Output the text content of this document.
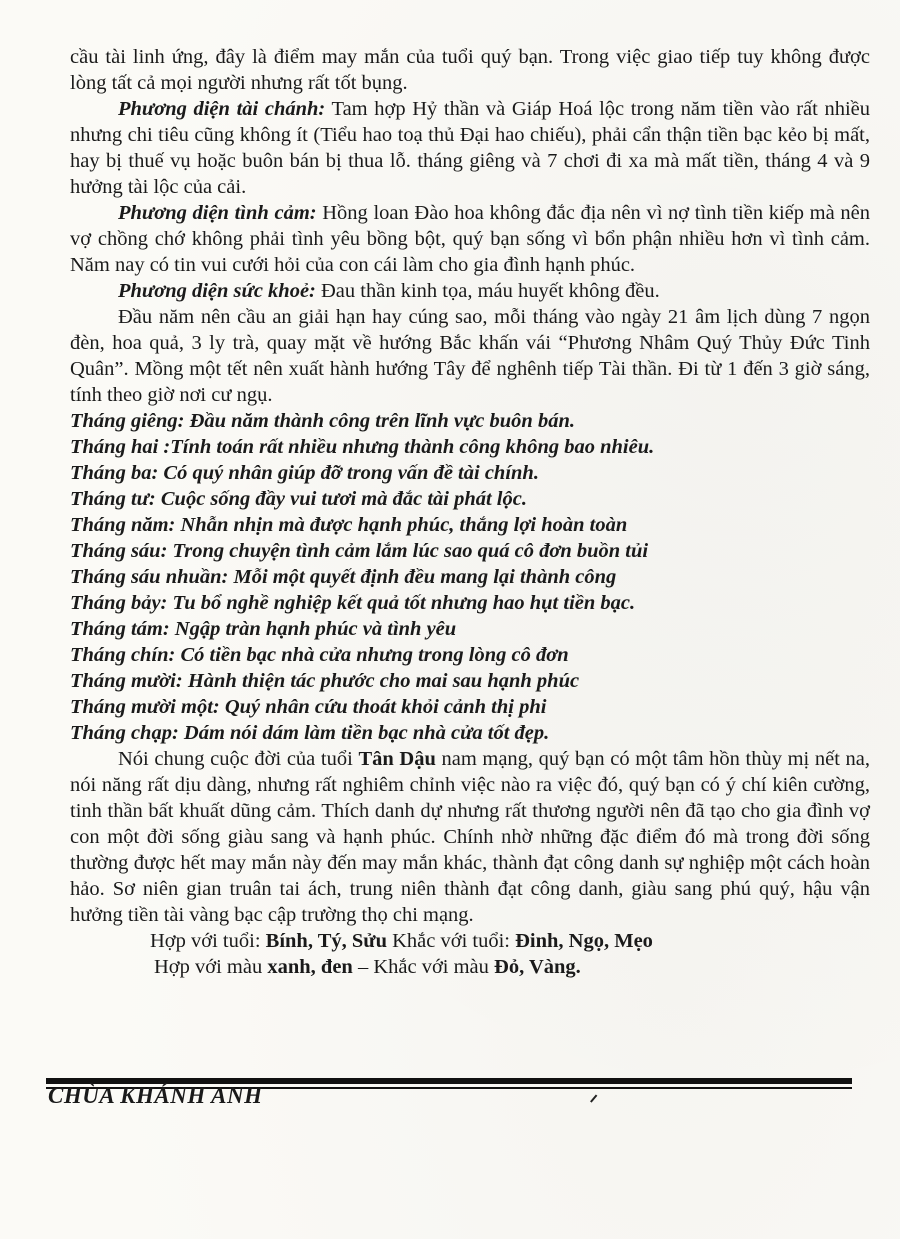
cầu tài linh ứng, đây là điểm may mắn của tuổi quý bạn. Trong việc giao tiếp tuy không được lòng tất cả mọi người nhưng rất tốt bụng.

Phương diện tài chánh: Tam hợp Hỷ thần và Giáp Hoá lộc trong năm tiền vào rất nhiều nhưng chi tiêu cũng không ít (Tiểu hao toạ thủ Đại hao chiếu), phải cẩn thận tiền bạc kẻo bị mất, hay bị thuế vụ hoặc buôn bán bị thua lỗ. tháng giêng và 7 chơi đi xa mà mất tiền, tháng 4 và 9 hưởng tài lộc của cải.

Phương diện tình cảm: Hồng loan Đào hoa không đắc địa nên vì nợ tình tiền kiếp mà nên vợ chồng chớ không phải tình yêu bồng bột, quý bạn sống vì bổn phận nhiều hơn vì tình cảm. Năm nay có tin vui cưới hỏi của con cái làm cho gia đình hạnh phúc.

Phương diện sức khoẻ: Đau thần kinh tọa, máu huyết không đều.

Đầu năm nên cầu an giải hạn hay cúng sao, mỗi tháng vào ngày 21 âm lịch dùng 7 ngọn đèn, hoa quả, 3 ly trà, quay mặt về hướng Bắc khấn vái “Phương Nhâm Quý Thủy Đức Tinh Quân”. Mồng một tết nên xuất hành hướng Tây để nghênh tiếp Tài thần. Đi từ 1 đến 3 giờ sáng, tính theo giờ nơi cư ngụ.

Tháng giêng: Đầu năm thành công trên lĩnh vực buôn bán.

Tháng hai :Tính toán rất nhiều nhưng thành công không bao nhiêu.

Tháng ba: Có quý nhân giúp đỡ trong vấn đề tài chính.

Tháng tư: Cuộc sống đầy vui tươi mà đắc tài phát lộc.

Tháng năm: Nhẫn nhịn mà được hạnh phúc, thắng lợi hoàn toàn

Tháng sáu: Trong chuyện tình cảm lắm lúc sao quá cô đơn buồn tủi

Tháng sáu nhuần: Mỗi một quyết định đều mang lại thành công

Tháng bảy: Tu bổ nghề nghiệp kết quả tốt nhưng hao hụt tiền bạc.

Tháng tám: Ngập tràn hạnh phúc và tình yêu

Tháng chín: Có tiền bạc nhà cửa nhưng trong lòng cô đơn

Tháng mười: Hành thiện tác phước cho mai sau hạnh phúc

Tháng mười một: Quý nhân cứu thoát khỏi cảnh thị phi

Tháng chạp: Dám nói dám làm tiền bạc nhà cửa tốt đẹp.

Nói chung cuộc đời của tuổi Tân Dậu nam mạng, quý bạn có một tâm hồn thùy mị nết na, nói năng rất dịu dàng, nhưng rất nghiêm chỉnh việc nào ra việc đó, quý bạn có ý chí kiên cường, tinh thần bất khuất dũng cảm. Thích danh dự nhưng rất thương người nên đã tạo cho gia đình vợ con một đời sống giàu sang và hạnh phúc. Chính nhờ những đặc điểm đó mà trong đời sống thường được hết may mắn này đến may mắn khác, thành đạt công danh sự nghiệp một cách hoàn hảo. Sơ niên gian truân tai ách, trung niên thành đạt công danh, giàu sang phú quý, hậu vận hưởng tiền tài vàng bạc cập trường thọ chi mạng.

Hợp với tuổi: Bính, Tý, Sửu Khắc với tuổi: Đinh, Ngọ, Mẹo

Hợp với màu xanh, đen – Khắc với màu Đỏ, Vàng.

CHÙA KHÁNH ANH
